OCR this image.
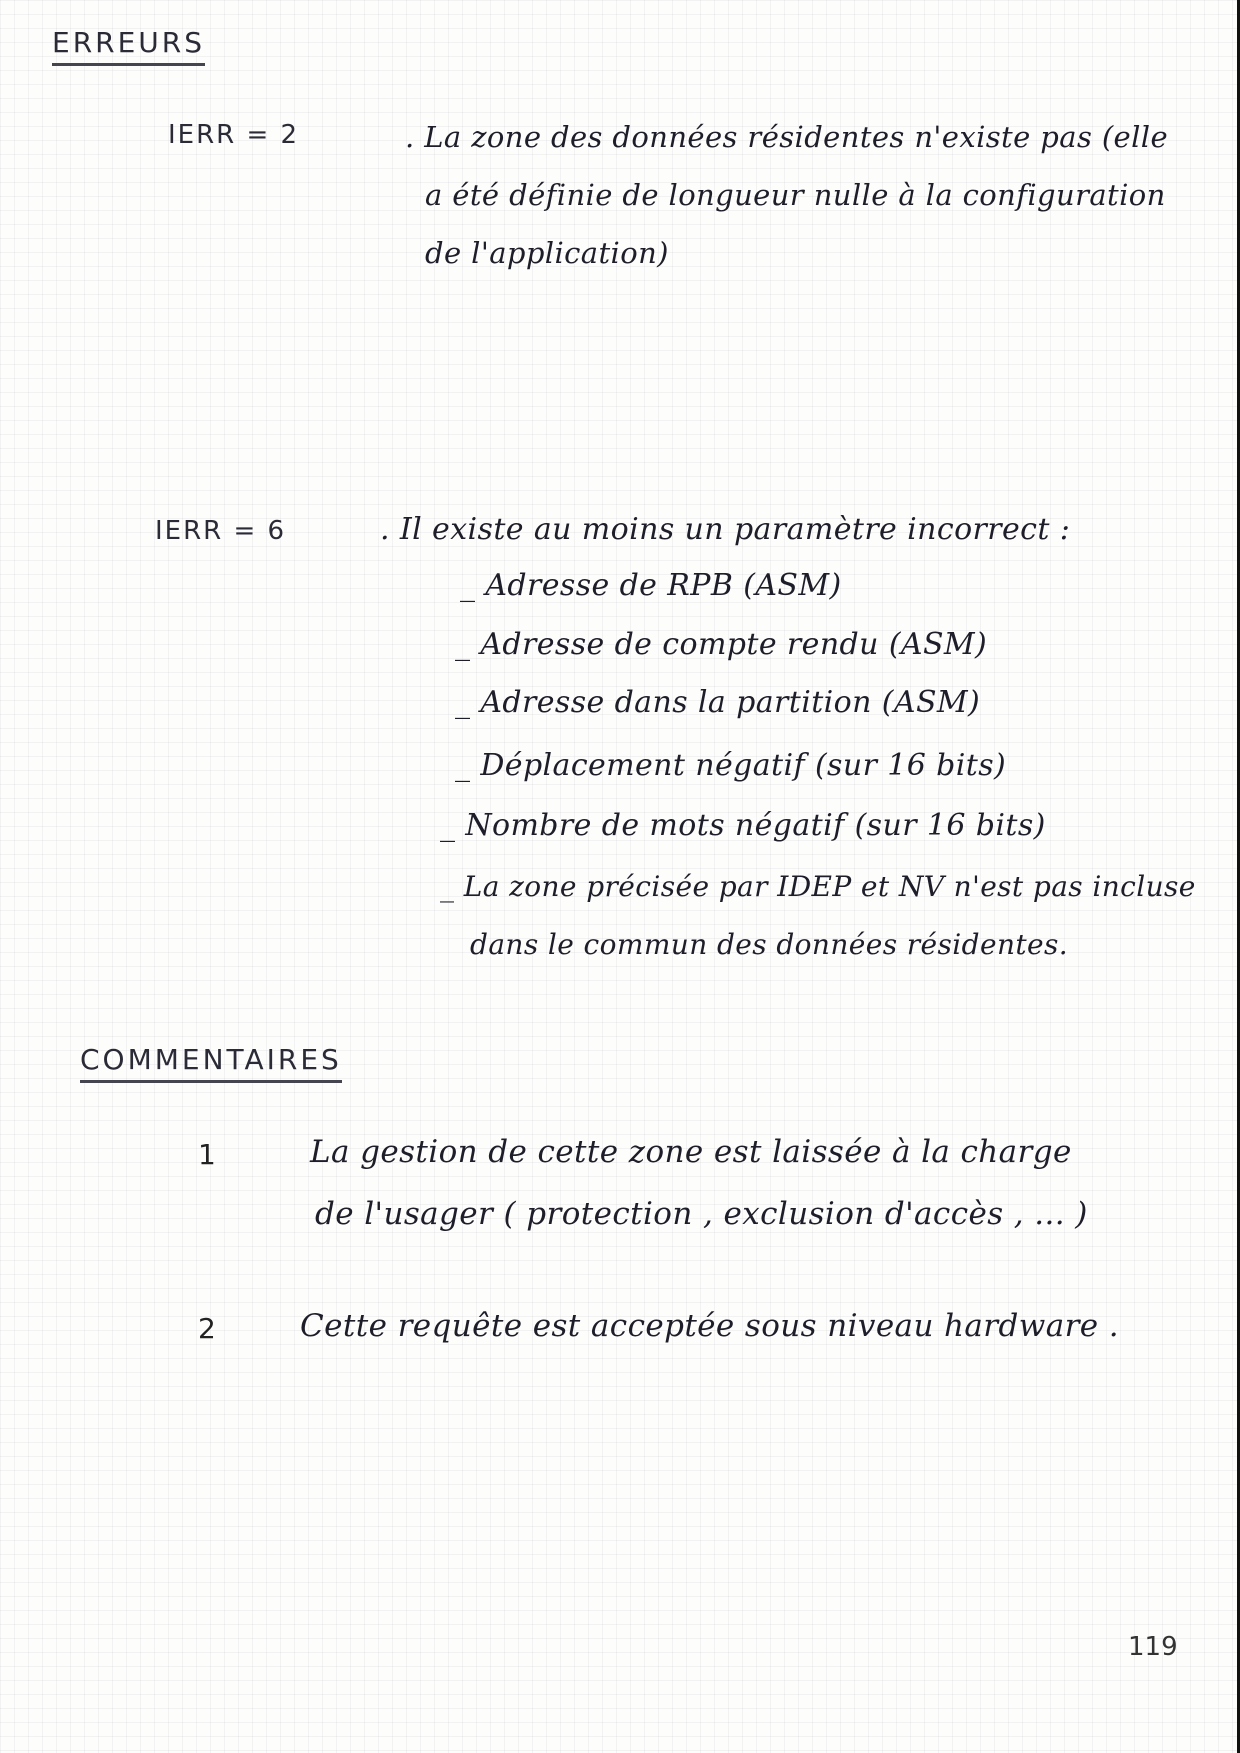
ERREURS

IERR = 2	. La zone des données résidentes n'existe pas (elle

a été définie de longueur nulle à la configuration

de l'application)

IERR = 6	. Il existe au moins un paramètre incorrect :

_ Adresse de RPB (ASM)

_ Adresse de compte rendu (ASM)

_ Adresse dans la partition (ASM)

_ Déplacement négatif (sur 16 bits)

_ Nombre de mots négatif (sur 16 bits)

_ La zone précisée par IDEP et NV n'est pas incluse

dans le commun des données résidentes.

COMMENTAIRES

1	La gestion de cette zone est laissée à la charge

de l'usager ( protection , exclusion d'accès , ... )

2	Cette requête est acceptée sous niveau hardware .

119
